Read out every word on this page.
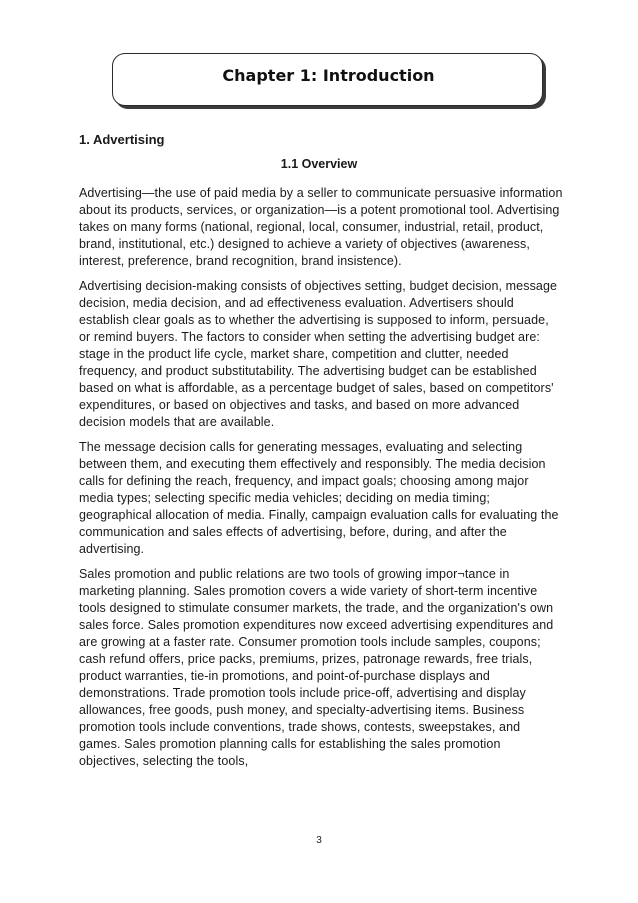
Chapter 1: Introduction
1. Advertising
1.1 Overview

Advertising—the use of paid media by a seller to communicate persuasive information about its products, services, or organization—is a potent promotional tool. Advertising takes on many forms (national, regional, local, consumer, industrial, retail, product, brand, institutional, etc.) designed to achieve a variety of objectives (awareness, interest, preference, brand recognition, brand insistence).

Advertising decision-making consists of objectives setting, budget decision, message decision, media decision, and ad effectiveness evaluation. Advertisers should establish clear goals as to whether the advertising is supposed to inform, persuade, or remind buyers. The factors to consider when setting the advertising budget are: stage in the product life cycle, market share, competition and clutter, needed frequency, and product substitutability. The advertising budget can be established based on what is affordable, as a percentage budget of sales, based on competitors' expenditures, or based on objectives and tasks, and based on more advanced decision models that are available.

The message decision calls for generating messages, evaluating and selecting between them, and executing them effectively and responsibly. The media decision calls for defining the reach, frequency, and impact goals; choosing among major media types; selecting specific media vehicles; deciding on media timing; geographical allocation of media. Finally, campaign evaluation calls for evaluating the communication and sales effects of advertising, before, during, and after the advertising.

Sales promotion and public relations are two tools of growing impor¬tance in marketing planning. Sales promotion covers a wide variety of short-term incentive tools designed to stimulate consumer markets, the trade, and the organization's own sales force. Sales promotion expenditures now exceed advertising expenditures and are growing at a faster rate. Consumer promotion tools include samples, coupons; cash refund offers, price packs, premiums, prizes, patronage rewards, free trials, product warranties, tie-in promotions, and point-of-purchase displays and demonstrations. Trade promotion tools include price-off, advertising and display allowances, free goods, push money, and specialty-advertising items. Business promotion tools include conventions, trade shows, contests, sweepstakes, and games. Sales promotion planning calls for establishing the sales promotion objectives, selecting the tools,

3
